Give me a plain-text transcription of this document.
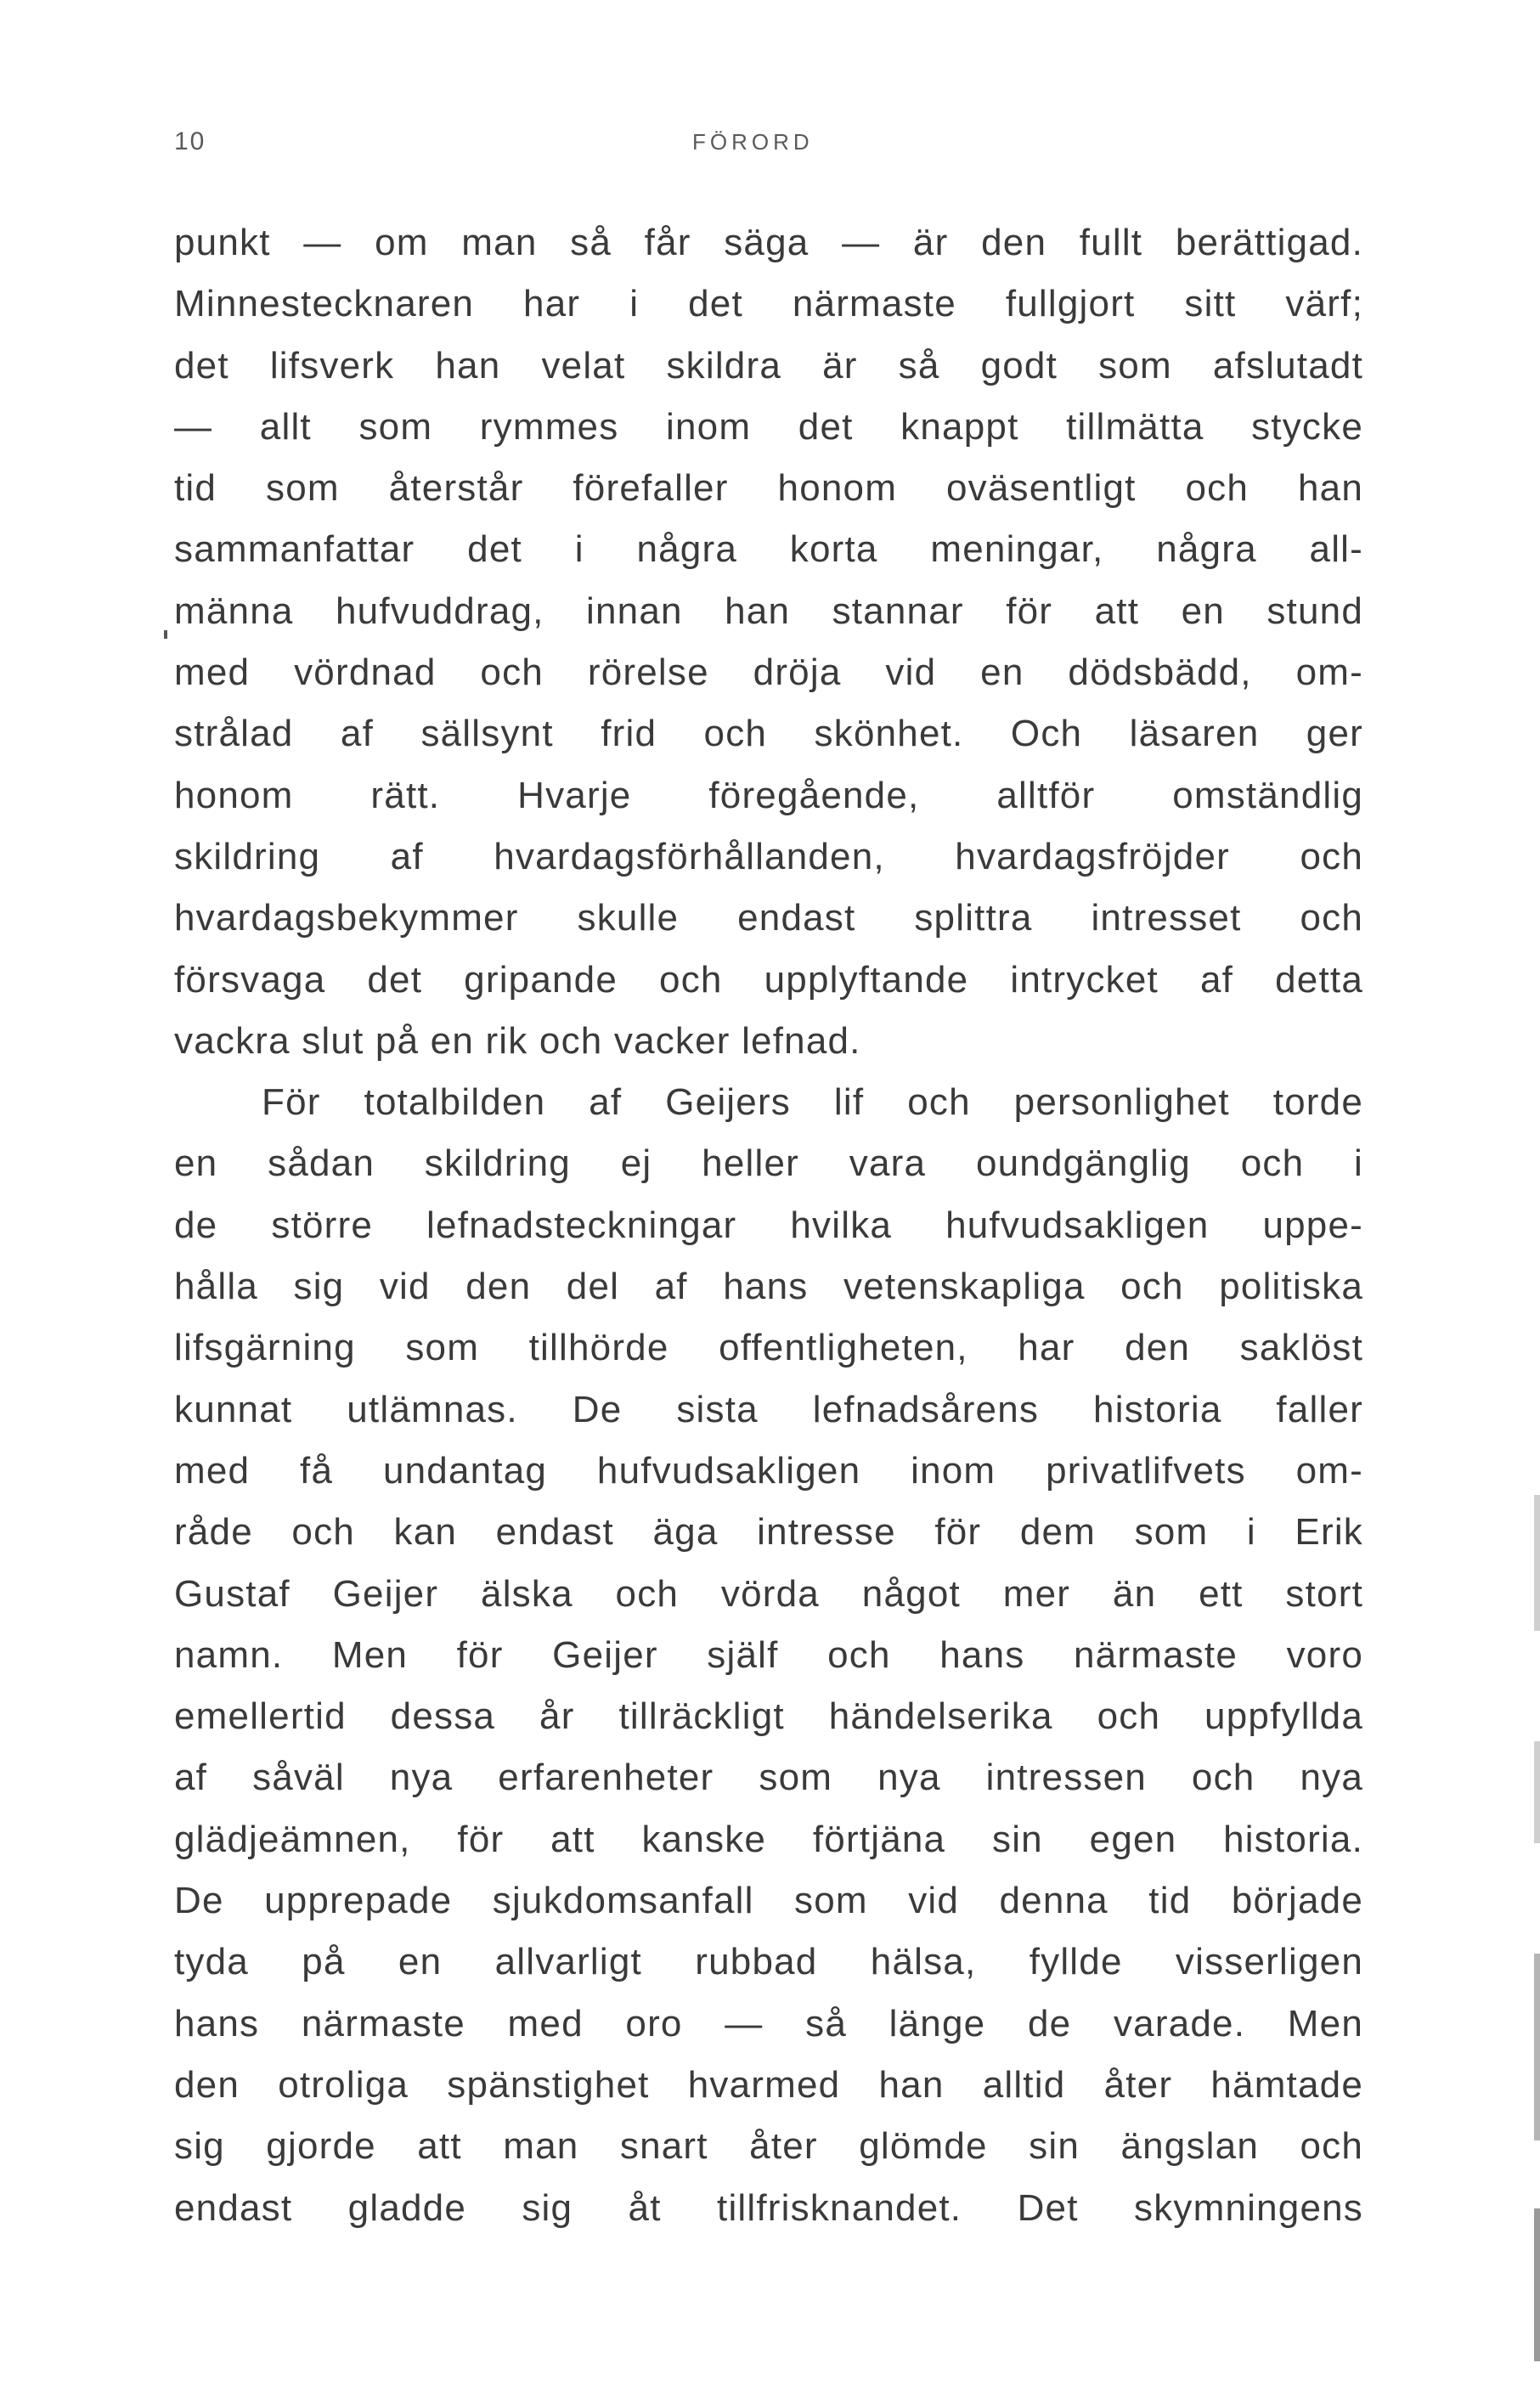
10	FÖRORD
punkt — om man så får säga — är den fullt berättigad.
Minnestecknaren har i det närmaste fullgjort sitt värf;
det lifsverk han velat skildra är så godt som afslutadt
— allt som rymmes inom det knappt tillmätta stycke
tid som återstår förefaller honom oväsentligt och han
sammanfattar det i några korta meningar, några all-
männa hufvuddrag, innan han stannar för att en stund
med vördnad och rörelse dröja vid en dödsbädd, om-
strålad af sällsynt frid och skönhet. Och läsaren ger
honom rätt. Hvarje föregående, alltför omständlig
skildring af hvardagsförhållanden, hvardagsfröjder och
hvardagsbekymmer skulle endast splittra intresset och
försvaga det gripande och upplyftande intrycket af detta
vackra slut på en rik och vacker lefnad.
För totalbilden af Geijers lif och personlighet torde
en sådan skildring ej heller vara oundgänglig och i
de större lefnadsteckningar hvilka hufvudsakligen uppe-
hålla sig vid den del af hans vetenskapliga och politiska
lifsgärning som tillhörde offentligheten, har den saklöst
kunnat utlämnas. De sista lefnadsårens historia faller
med få undantag hufvudsakligen inom privatlifvets om-
råde och kan endast äga intresse för dem som i Erik
Gustaf Geijer älska och vörda något mer än ett stort
namn. Men för Geijer själf och hans närmaste voro
emellertid dessa år tillräckligt händelserika och uppfyllda
af såväl nya erfarenheter som nya intressen och nya
glädjeämnen, för att kanske förtjäna sin egen historia.
De upprepade sjukdomsanfall som vid denna tid började
tyda på en allvarligt rubbad hälsa, fyllde visserligen
hans närmaste med oro — så länge de varade. Men
den otroliga spänstighet hvarmed han alltid åter hämtade
sig gjorde att man snart åter glömde sin ängslan och
endast gladde sig åt tillfrisknandet. Det skymningens
